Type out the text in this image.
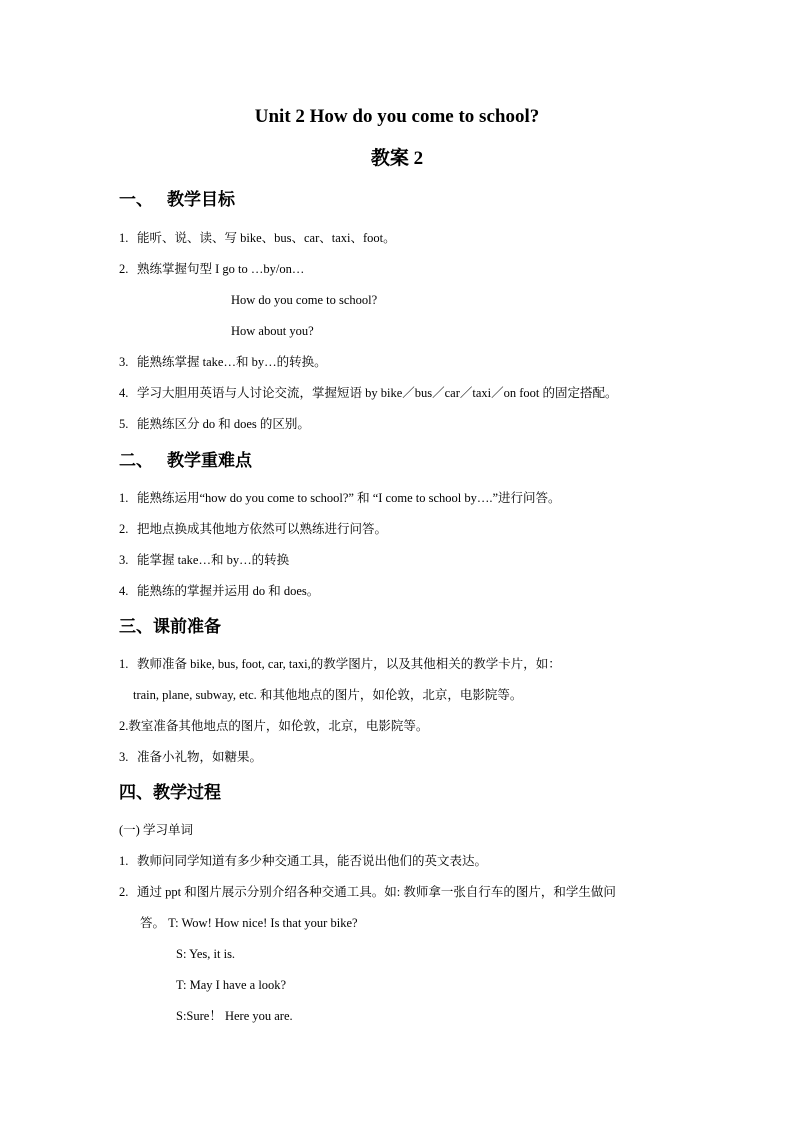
Unit 2 How do you come to school?
教案 2
一、 教学目标
1. 能听、说、读、写 bike、bus、car、taxi、foot。
2. 熟练掌握句型 I go to …by/on…
How do you come to school?
How about you?
3. 能熟练掌握 take…和 by…的转换。
4. 学习大胆用英语与人讨论交流，掌握短语 by bike／bus／car／taxi／on foot 的固定搭配。
5. 能熟练区分 do 和 does 的区别。
二、 教学重难点
1. 能熟练运用“how do you come to school?” 和 “I come to school by….”进行问答。
2. 把地点换成其他地方依然可以熟练进行问答。
3. 能掌握 take…和 by…的转换
4. 能熟练的掌握并运用 do 和 does。
三、课前准备
1. 教师准备 bike, bus, foot, car, taxi,的教学图片，以及其他相关的教学卡片，如：
train, plane, subway, etc. 和其他地点的图片，如伦敦，北京，电影院等。
2.教室准备其他地点的图片，如伦敦，北京，电影院等。
3. 准备小礼物，如糖果。
四、教学过程
(一) 学习单词
1. 教师问同学知道有多少种交通工具，能否说出他们的英文表达。
2. 通过 ppt 和图片展示分别介绍各种交通工具。如: 教师拿一张自行车的图片，和学生做问
答。 T: Wow! How nice! Is that your bike?
S: Yes, it is.
T: May I have a look?
S:Sure！ Here you are.
